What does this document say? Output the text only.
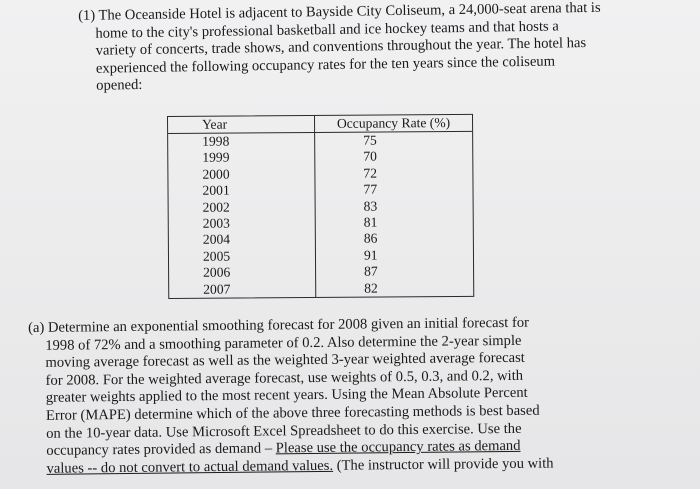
(1) The Oceanside Hotel is adjacent to Bayside City Coliseum, a 24,000-seat arena that is
home to the city's professional basketball and ice hockey teams and that hosts a
variety of concerts, trade shows, and conventions throughout the year. The hotel has
experienced the following occupancy rates for the ten years since the coliseum
opened:
Year	Occupancy Rate (%)
1998	75
1999	70
2000	72
2001	77
2002	83
2003	81
2004	86
2005	91
2006	87
2007	82
(a) Determine an exponential smoothing forecast for 2008 given an initial forecast for
1998 of 72% and a smoothing parameter of 0.2. Also determine the 2-year simple
moving average forecast as well as the weighted 3-year weighted average forecast
for 2008. For the weighted average forecast, use weights of 0.5, 0.3, and 0.2, with
greater weights applied to the most recent years. Using the Mean Absolute Percent
Error (MAPE) determine which of the above three forecasting methods is best based
on the 10-year data. Use Microsoft Excel Spreadsheet to do this exercise. Use the
occupancy rates provided as demand – Please use the occupancy rates as demand
values -- do not convert to actual demand values. (The instructor will provide you with
